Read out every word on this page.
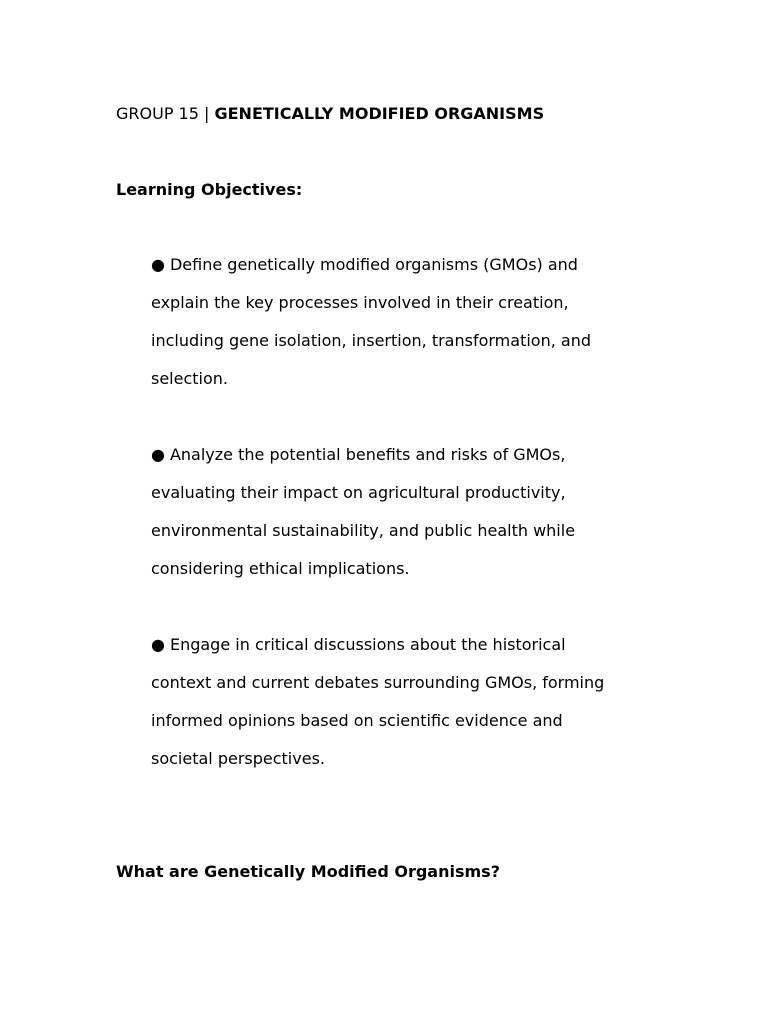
GROUP 15 | GENETICALLY MODIFIED ORGANISMS
Learning Objectives:
● Define genetically modified organisms (GMOs) and
explain the key processes involved in their creation,
including gene isolation, insertion, transformation, and
selection.
● Analyze the potential benefits and risks of GMOs,
evaluating their impact on agricultural productivity,
environmental sustainability, and public health while
considering ethical implications.
● Engage in critical discussions about the historical
context and current debates surrounding GMOs, forming
informed opinions based on scientific evidence and
societal perspectives.
What are Genetically Modified Organisms?
